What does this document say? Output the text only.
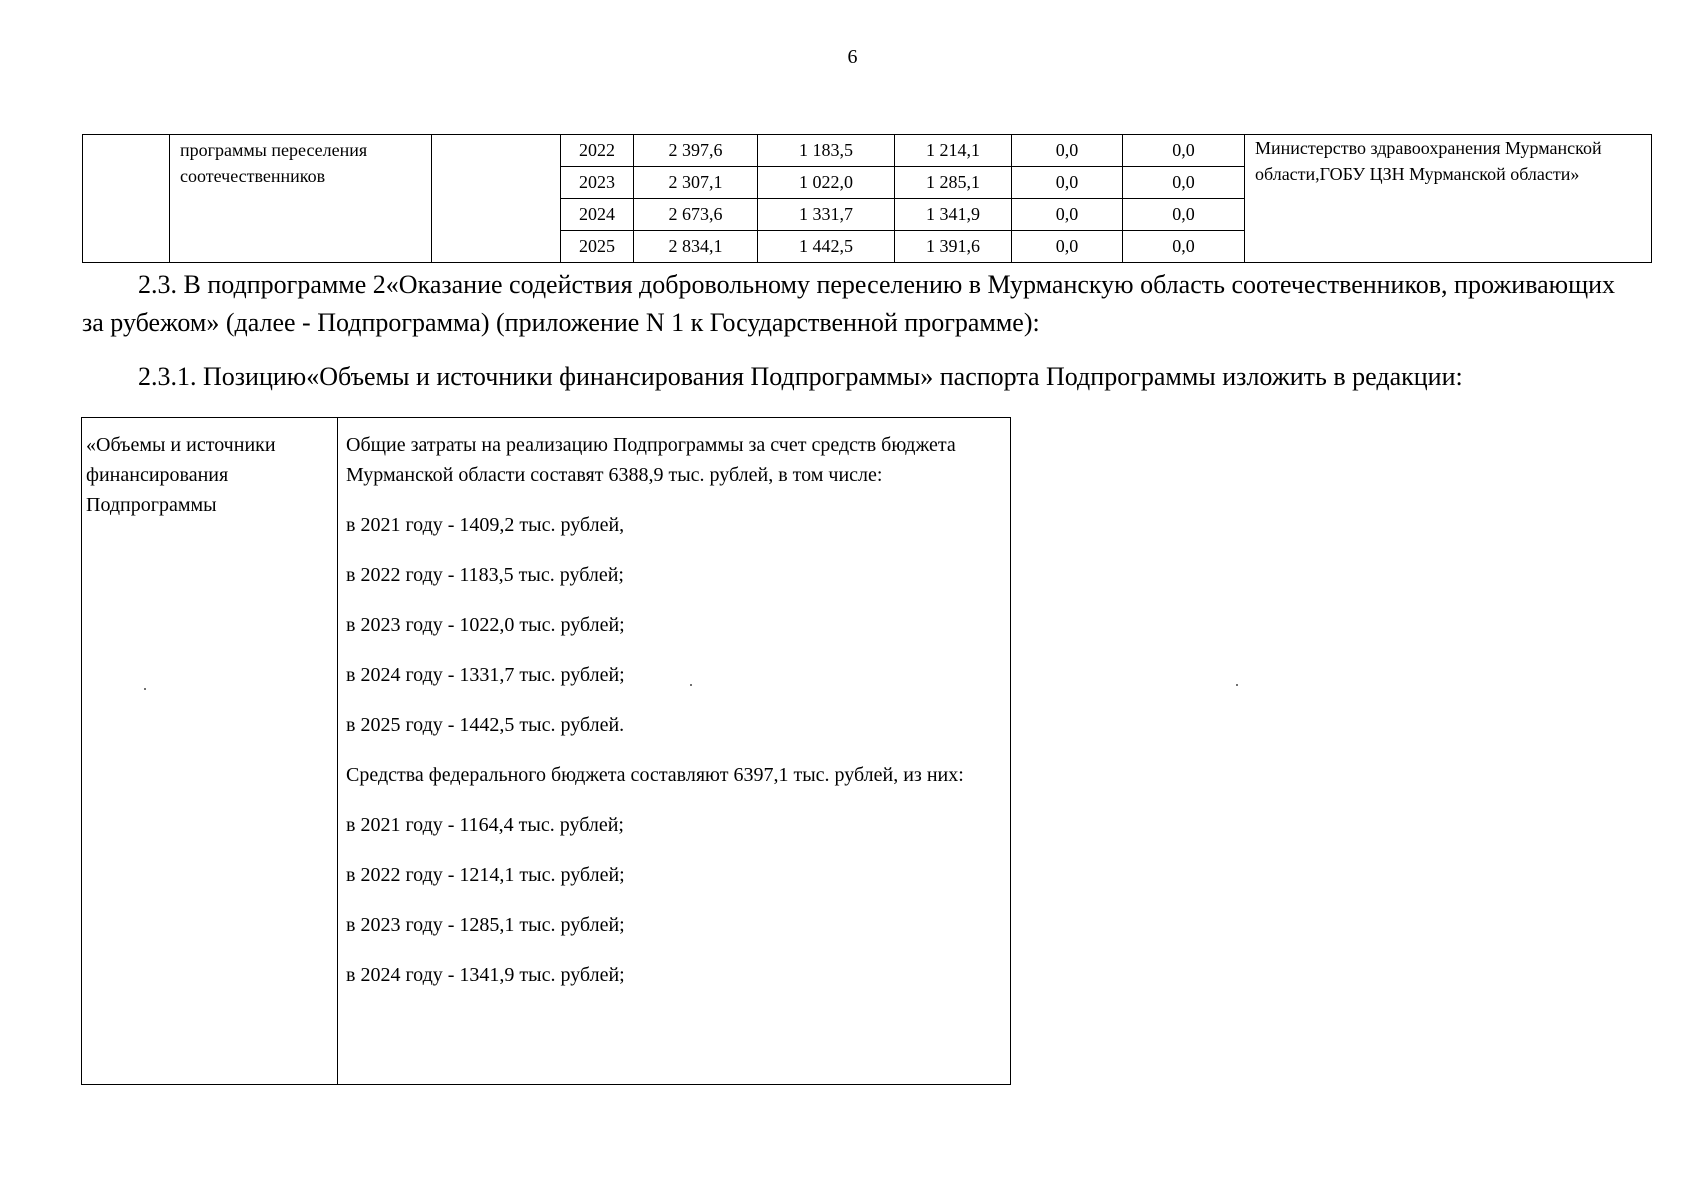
6
	программы переселения соотечественников		2022	2 397,6	1 183,5	1 214,1	0,0	0,0	Министерство здравоохранения Мурманской области,ГОБУ ЦЗН Мурманской области»
			2023	2 307,1	1 022,0	1 285,1	0,0	0,0	
			2024	2 673,6	1 331,7	1 341,9	0,0	0,0	
			2025	2 834,1	1 442,5	1 391,6	0,0	0,0	

2.3. В подпрограмме 2«Оказание содействия добровольному переселению в Мурманскую область соотечественников, проживающих за рубежом» (далее - Подпрограмма) (приложение N 1 к Государственной программе):

2.3.1. Позицию«Объемы и источники финансирования Подпрограммы» паспорта Подпрограммы изложить в редакции:

«Объемы и источники финансирования Подпрограммы	

Общие затраты на реализацию Подпрограммы за счет средств бюджета Мурманской области составят 6388,9 тыс. рублей, в том числе:

в 2021 году - 1409,2 тыс. рублей,

в 2022 году - 1183,5 тыс. рублей;

в 2023 году - 1022,0 тыс. рублей;

в 2024 году - 1331,7 тыс. рублей;

в 2025 году - 1442,5 тыс. рублей.

Средства федерального бюджета составляют 6397,1 тыс. рублей, из них:

в 2021 году - 1164,4 тыс. рублей;

в 2022 году - 1214,1 тыс. рублей;

в 2023 году - 1285,1 тыс. рублей;

в 2024 году - 1341,9 тыс. рублей;
